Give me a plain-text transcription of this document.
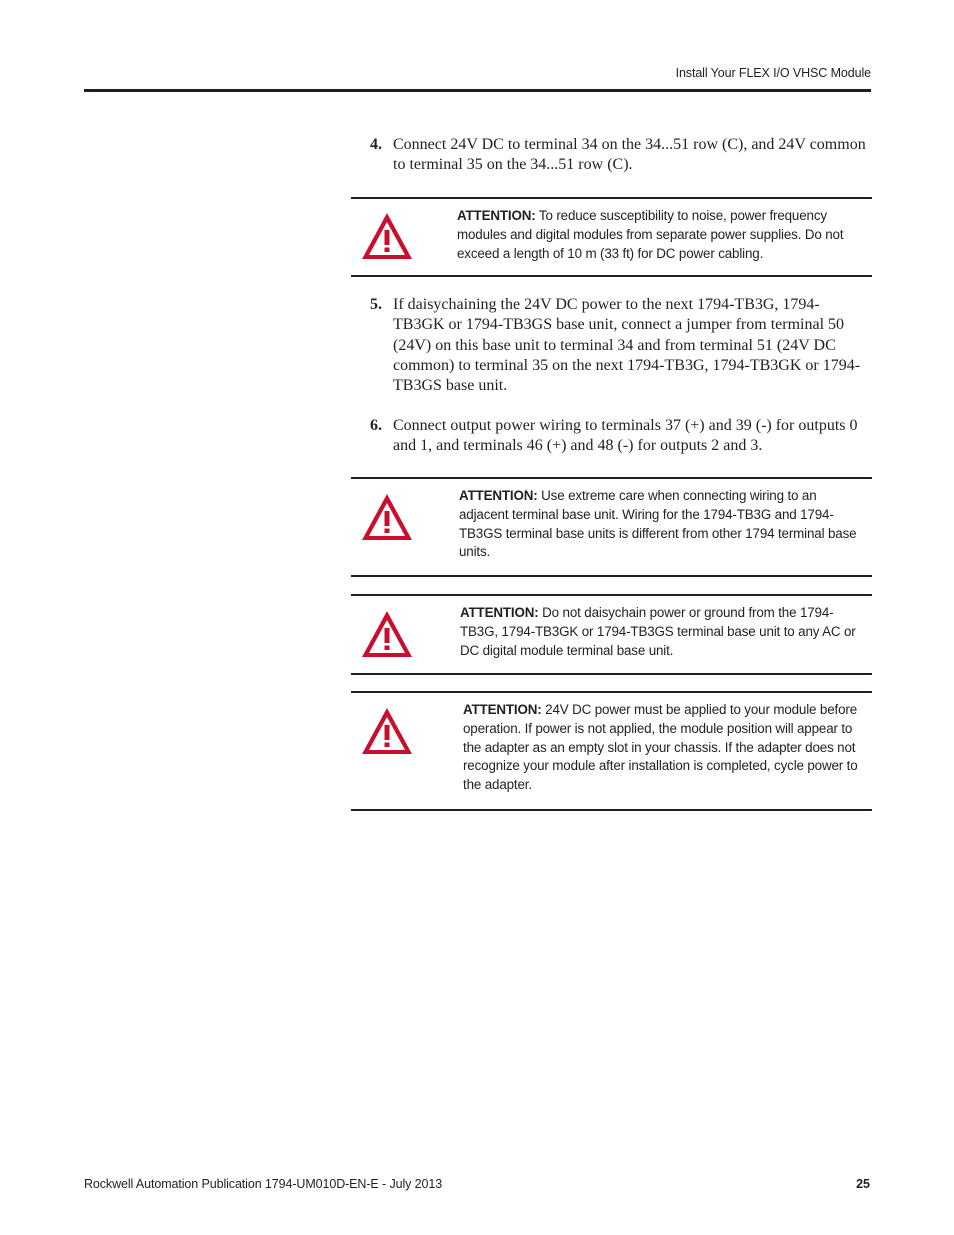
Install Your FLEX I/O VHSC Module
4. Connect 24V DC to terminal 34 on the 34...51 row (C), and 24V common to terminal 35 on the 34...51 row (C).
ATTENTION: To reduce susceptibility to noise, power frequency modules and digital modules from separate power supplies. Do not exceed a length of 10 m (33 ft) for DC power cabling.
5. If daisychaining the 24V DC power to the next 1794-TB3G, 1794-TB3GK or 1794-TB3GS base unit, connect a jumper from terminal 50 (24V) on this base unit to terminal 34 and from terminal 51 (24V DC common) to terminal 35 on the next 1794-TB3G, 1794-TB3GK or 1794-TB3GS base unit.
6. Connect output power wiring to terminals 37 (+) and 39 (-) for outputs 0 and 1, and terminals 46 (+) and 48 (-) for outputs 2 and 3.
ATTENTION: Use extreme care when connecting wiring to an adjacent terminal base unit. Wiring for the 1794-TB3G and 1794-TB3GS terminal base units is different from other 1794 terminal base units.
ATTENTION: Do not daisychain power or ground from the 1794-TB3G, 1794-TB3GK or 1794-TB3GS terminal base unit to any AC or DC digital module terminal base unit.
ATTENTION: 24V DC power must be applied to your module before operation. If power is not applied, the module position will appear to the adapter as an empty slot in your chassis. If the adapter does not recognize your module after installation is completed, cycle power to the adapter.
Rockwell Automation Publication 1794-UM010D-EN-E - July 2013	25
